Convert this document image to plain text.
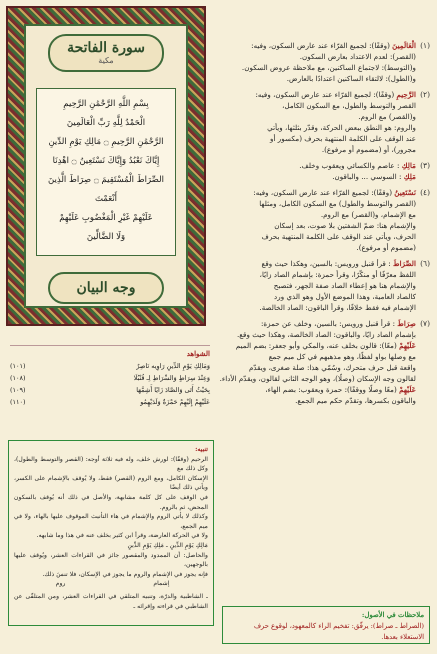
سورة الفاتحة
مكية
بِسْمِ اللَّهِ الرَّحْمَٰنِ الرَّحِيمِ
الْحَمْدُ لِلَّهِ رَبِّ الْعَالَمِينَ
الرَّحْمَٰنِ الرَّحِيمِ ۝ مَالِكِ يَوْمِ الدِّينِ
إِيَّاكَ نَعْبُدُ وَإِيَّاكَ نَسْتَعِينُ ۝ اهْدِنَا
الصِّرَاطَ الْمُسْتَقِيمَ ۝ صِرَاطَ الَّذِينَ أَنْعَمْتَ
عَلَيْهِمْ غَيْرِ الْمَغْضُوبِ عَلَيْهِمْ
وَلَا الضَّالِّينَ
وجه البيان
(١)
الْعَالَمِينَ (وقفًا): لجميع القرّاء عند عارض السكون، وفيه:
(القصر): لعدم الاعتداد بعارض السكون.
و(التوسط): لاجتماع الساكنين، مع ملاحظة عروض السكون.
و(الطول): لالتقاء الساكنين اعتدادًا بالعارض.
(٢)
الرَّحِيمِ (وقفًا): لجميع القرّاء عند عارض السكون، وفيه:
القصر والتوسط والطول، مع السكون الكامل،
و(القصر) مع الروم.
والروم: هو النطق ببعض الحركة، وقدّر بثلثها، ويأتي
عند الوقف على الكلمة المنتهية بحرف (مكسور أو
مجرور)، أو (مضموم أو مرفوع).
(٣)
مَالِكِ : عاصم والكسائي ويعقوب وخلف.
مَلِكِ : السوسي ... والباقون.
(٤)
نَسْتَعِينُ (وقفًا): لجميع القرّاء عند عارض السكون، وفيه:
(القصر والتوسط والطول) مع السكون الكامل، ومثلها
مع الإشمام، و(القصر) مع الروم.
والإشمام هنا: ضمّ الشفتين بلا صوت، بعد إسكان
الحرف، ويأتي عند الوقف على الكلمة المنتهية بحرف
(مضموم أو مرفوع).
(٦)
الصِّرَاطَ : قرأ قنبل ورويس: بالسين، وهكذا حيث وقع
اللفظ معرّفًا أو منكّرًا، وقرأ حمزة: بإشمام الصاد زايًا،
والإشمام هنا هو إعطاء الصاد صفة الجهر، فتصبح
كالصاد العامية، وهذا الموضع الأول وهو الذي ورد
الإشمام فيه فقط خلافًا، وقرأ الباقون: الصاد الخالصة.
(٧)
صِرَاطَ : قرأ قنبل ورويس: بالسين، وخلف عن حمزة:
بإشمام الصاد زايًا، والباقون: الصاد الخالصة، وهكذا حيث وقع.
عَلَيْهِمْ (معًا): قالون بخلف عنه، والمكي وأبو جعفر: بضم الميم
مع وصلها بواو لفظًا، وهو مذهبهم في كل ميم جمع
واقعة قبل حرف متحرك، وسُمّي هذا: صلة صغرى، ويقدّم
لقالون وجه الإسكان (وصلًا)، وهو الوجه الثاني لقالون، ويقدّم الأداء.
عَلَيْهِمْ (معًا وصلًا ووقفًا): حمزة ويعقوب: بضم الهاء،
والباقون بكسرها، وتقدّم حكم ميم الجمع.
الشواهد
وَمَالِكِ يَوْمِ الدِّينِ رَاوِيه نَاصِرٌ
(١٠١)
وَعِنْدَ سِرَاطٍ وَالسِّرَاطِ لِـ قُنْبُلَا
(١٠٨)
بِحَيْثُ أَتَى وَالصَّادَ زَايًا أَشِمَّهَا
(١٠٩)
عَلَيْهِمْ إِلَيْهِمْ حَمْزَةٌ وَلَدَيْهِمُو
(١١٠)
تنبيه:
الرحيم (وقفًا): لورش خلف، وله فيه ثلاثة أوجه: (القصر والتوسط والطول)، وكل ذلك مع
الإسكان الكامل، ومع الروم (القصر) فقط، ولا يُوقف بالإشمام على الكسر، ويأتي ذلك أيضًا
في الوقف على كل كلمة مشابهة، والأصل في ذلك أنه يُوقف بالسكون المحض، ثم بالروم.
وكذلك لا يأتي الروم والإشمام في هاء التأنيث الموقوف عليها بالهاء، ولا في ميم الجمع،
ولا في الحركة العارضة، وقرأ ابن كثير بخلف عنه في هذا وما شابهه.
مَالِكِ يَوْمِ الدِّينِ ـ مَلِكِ يَوْمِ الدِّينِ
والحاصل: أن الممدود والمقصور جائز في القراءات العشر، ويُوقف عليها بالوجهين،
فإنه يجوز في الإشمام والروم ما يجوز في الإسكان، فلا تنسَ ذلك.
إشمام
روم
ـ الشاطبية والدرّة، وتنبيه المتلقي في القراءات العشر، ومن المتلقّى عن الشاطبي في قراءته وإقرائه ـ
ملاحظات في الأصول:
(الصراط ـ صراط): يرقّق: تفخيم الراء كالمعهود، لوقوع حرف الاستعلاء بعدها.
